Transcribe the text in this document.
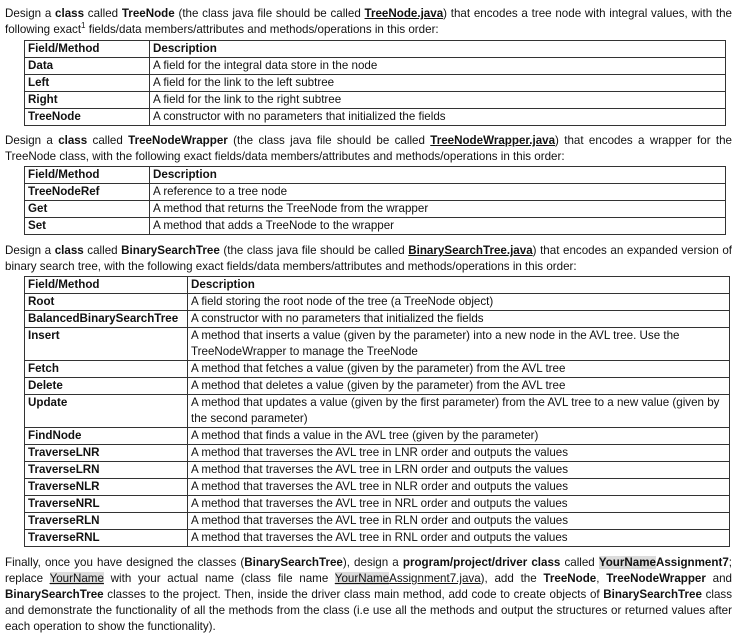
Design a class called TreeNode (the class java file should be called TreeNode.java) that encodes a tree node with integral values, with the following exact$^1$ fields/data members/attributes and methods/operations in this order:
Field/Method	Description
Data	A field for the integral data store in the node
Left	A field for the link to the left subtree
Right	A field for the link to the right subtree
TreeNode	A constructor with no parameters that initialized the fields
Design a class called TreeNodeWrapper (the class java file should be called TreeNodeWrapper.java) that encodes a wrapper for the TreeNode class, with the following exact fields/data members/attributes and methods/operations in this order:
Field/Method	Description
TreeNodeRef	A reference to a tree node
Get	A method that returns the TreeNode from the wrapper
Set	A method that adds a TreeNode to the wrapper
Design a class called BinarySearchTree (the class java file should be called BinarySearchTree.java) that encodes an expanded version of binary search tree, with the following exact fields/data members/attributes and methods/operations in this order:
Field/Method	Description
Root	A field storing the root node of the tree (a TreeNode object)
BalancedBinarySearchTree	A constructor with no parameters that initialized the fields
Insert	A method that inserts a value (given by the parameter) into a new node in the AVL tree. Use the TreeNodeWrapper to manage the TreeNode
Fetch	A method that fetches a value (given by the parameter) from the AVL tree
Delete	A method that deletes a value (given by the parameter) from the AVL tree
Update	A method that updates a value (given by the first parameter) from the AVL tree to a new value (given by the second parameter)
FindNode	A method that finds a value in the AVL tree (given by the parameter)
TraverseLNR	A method that traverses the AVL tree in LNR order and outputs the values
TraverseLRN	A method that traverses the AVL tree in LRN order and outputs the values
TraverseNLR	A method that traverses the AVL tree in NLR order and outputs the values
TraverseNRL	A method that traverses the AVL tree in NRL order and outputs the values
TraverseRLN	A method that traverses the AVL tree in RLN order and outputs the values
TraverseRNL	A method that traverses the AVL tree in RNL order and outputs the values
Finally, once you have designed the classes (BinarySearchTree), design a program/project/driver class called YourNameAssignment7; replace YourName with your actual name (class file name YourNameAssignment7.java), add the TreeNode, TreeNodeWrapper and BinarySearchTree classes to the project. Then, inside the driver class main method, add code to create objects of BinarySearchTree class and demonstrate the functionality of all the methods from the class (i.e use all the methods and output the structures or returned values after each operation to show the functionality).
